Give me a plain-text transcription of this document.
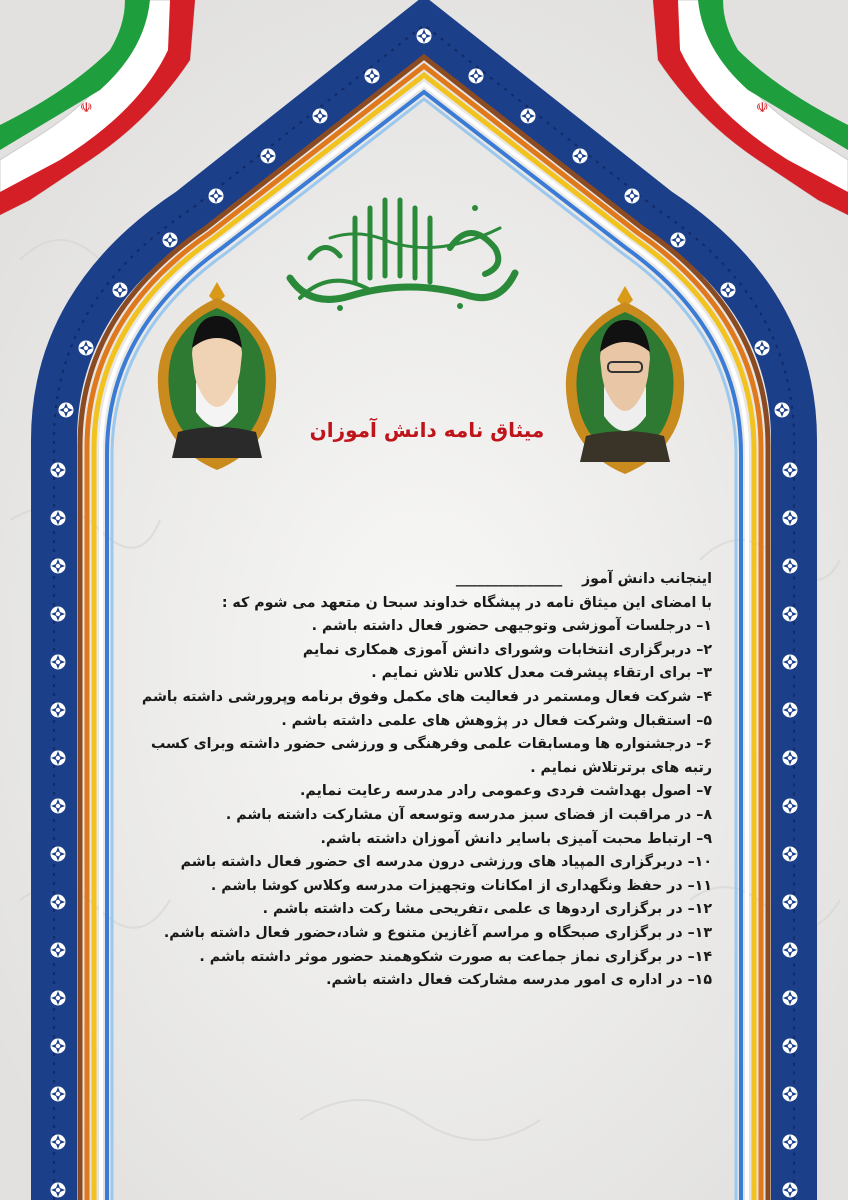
☫	☫
میثاق نامه دانش آموزان
اینجانب دانش آموز    _______________
با امضای این میثاق نامه در پیشگاه خداوند سبحا ن متعهد می شوم که :
۱– درجلسات آموزشی وتوجیهی حضور فعال داشته باشم .
۲– دربرگزاری انتخابات وشورای دانش آموزی همکاری نمایم
۳– برای ارتقاء پیشرفت معدل کلاس تلاش نمایم .
۴– شرکت فعال ومستمر در فعالیت های مکمل وفوق برنامه وپرورشی داشته باشم
۵– استقبال وشرکت فعال در پژوهش های علمی داشته باشم .
۶– درجشنواره ها ومسابقات علمی وفرهنگی و ورزشی حضور داشته وبرای کسب رتبه های برترتلاش نمایم .
۷– اصول بهداشت فردی وعمومی رادر مدرسه رعایت نمایم.
۸– در مراقبت از فضای سبز مدرسه وتوسعه آن مشارکت داشته باشم .
۹– ارتباط محبت آمیزی باسایر دانش آموزان داشته باشم.
۱۰– دربرگزاری المپیاد های ورزشی درون مدرسه ای حضور فعال داشته باشم
۱۱– در حفظ ونگهداری از امکانات وتجهیزات مدرسه وکلاس کوشا باشم .
۱۲– در برگزاری اردوها ی علمی ،تفریحی مشا رکت داشته باشم .
۱۳– در برگزاری صبحگاه و مراسم آغازین متنوع و شاد،حضور فعال داشته باشم.
۱۴– در برگزاری نماز جماعت به صورت شکوهمند حضور موثر داشته باشم .
۱۵– در اداره ی امور مدرسه مشارکت فعال داشته باشم.
